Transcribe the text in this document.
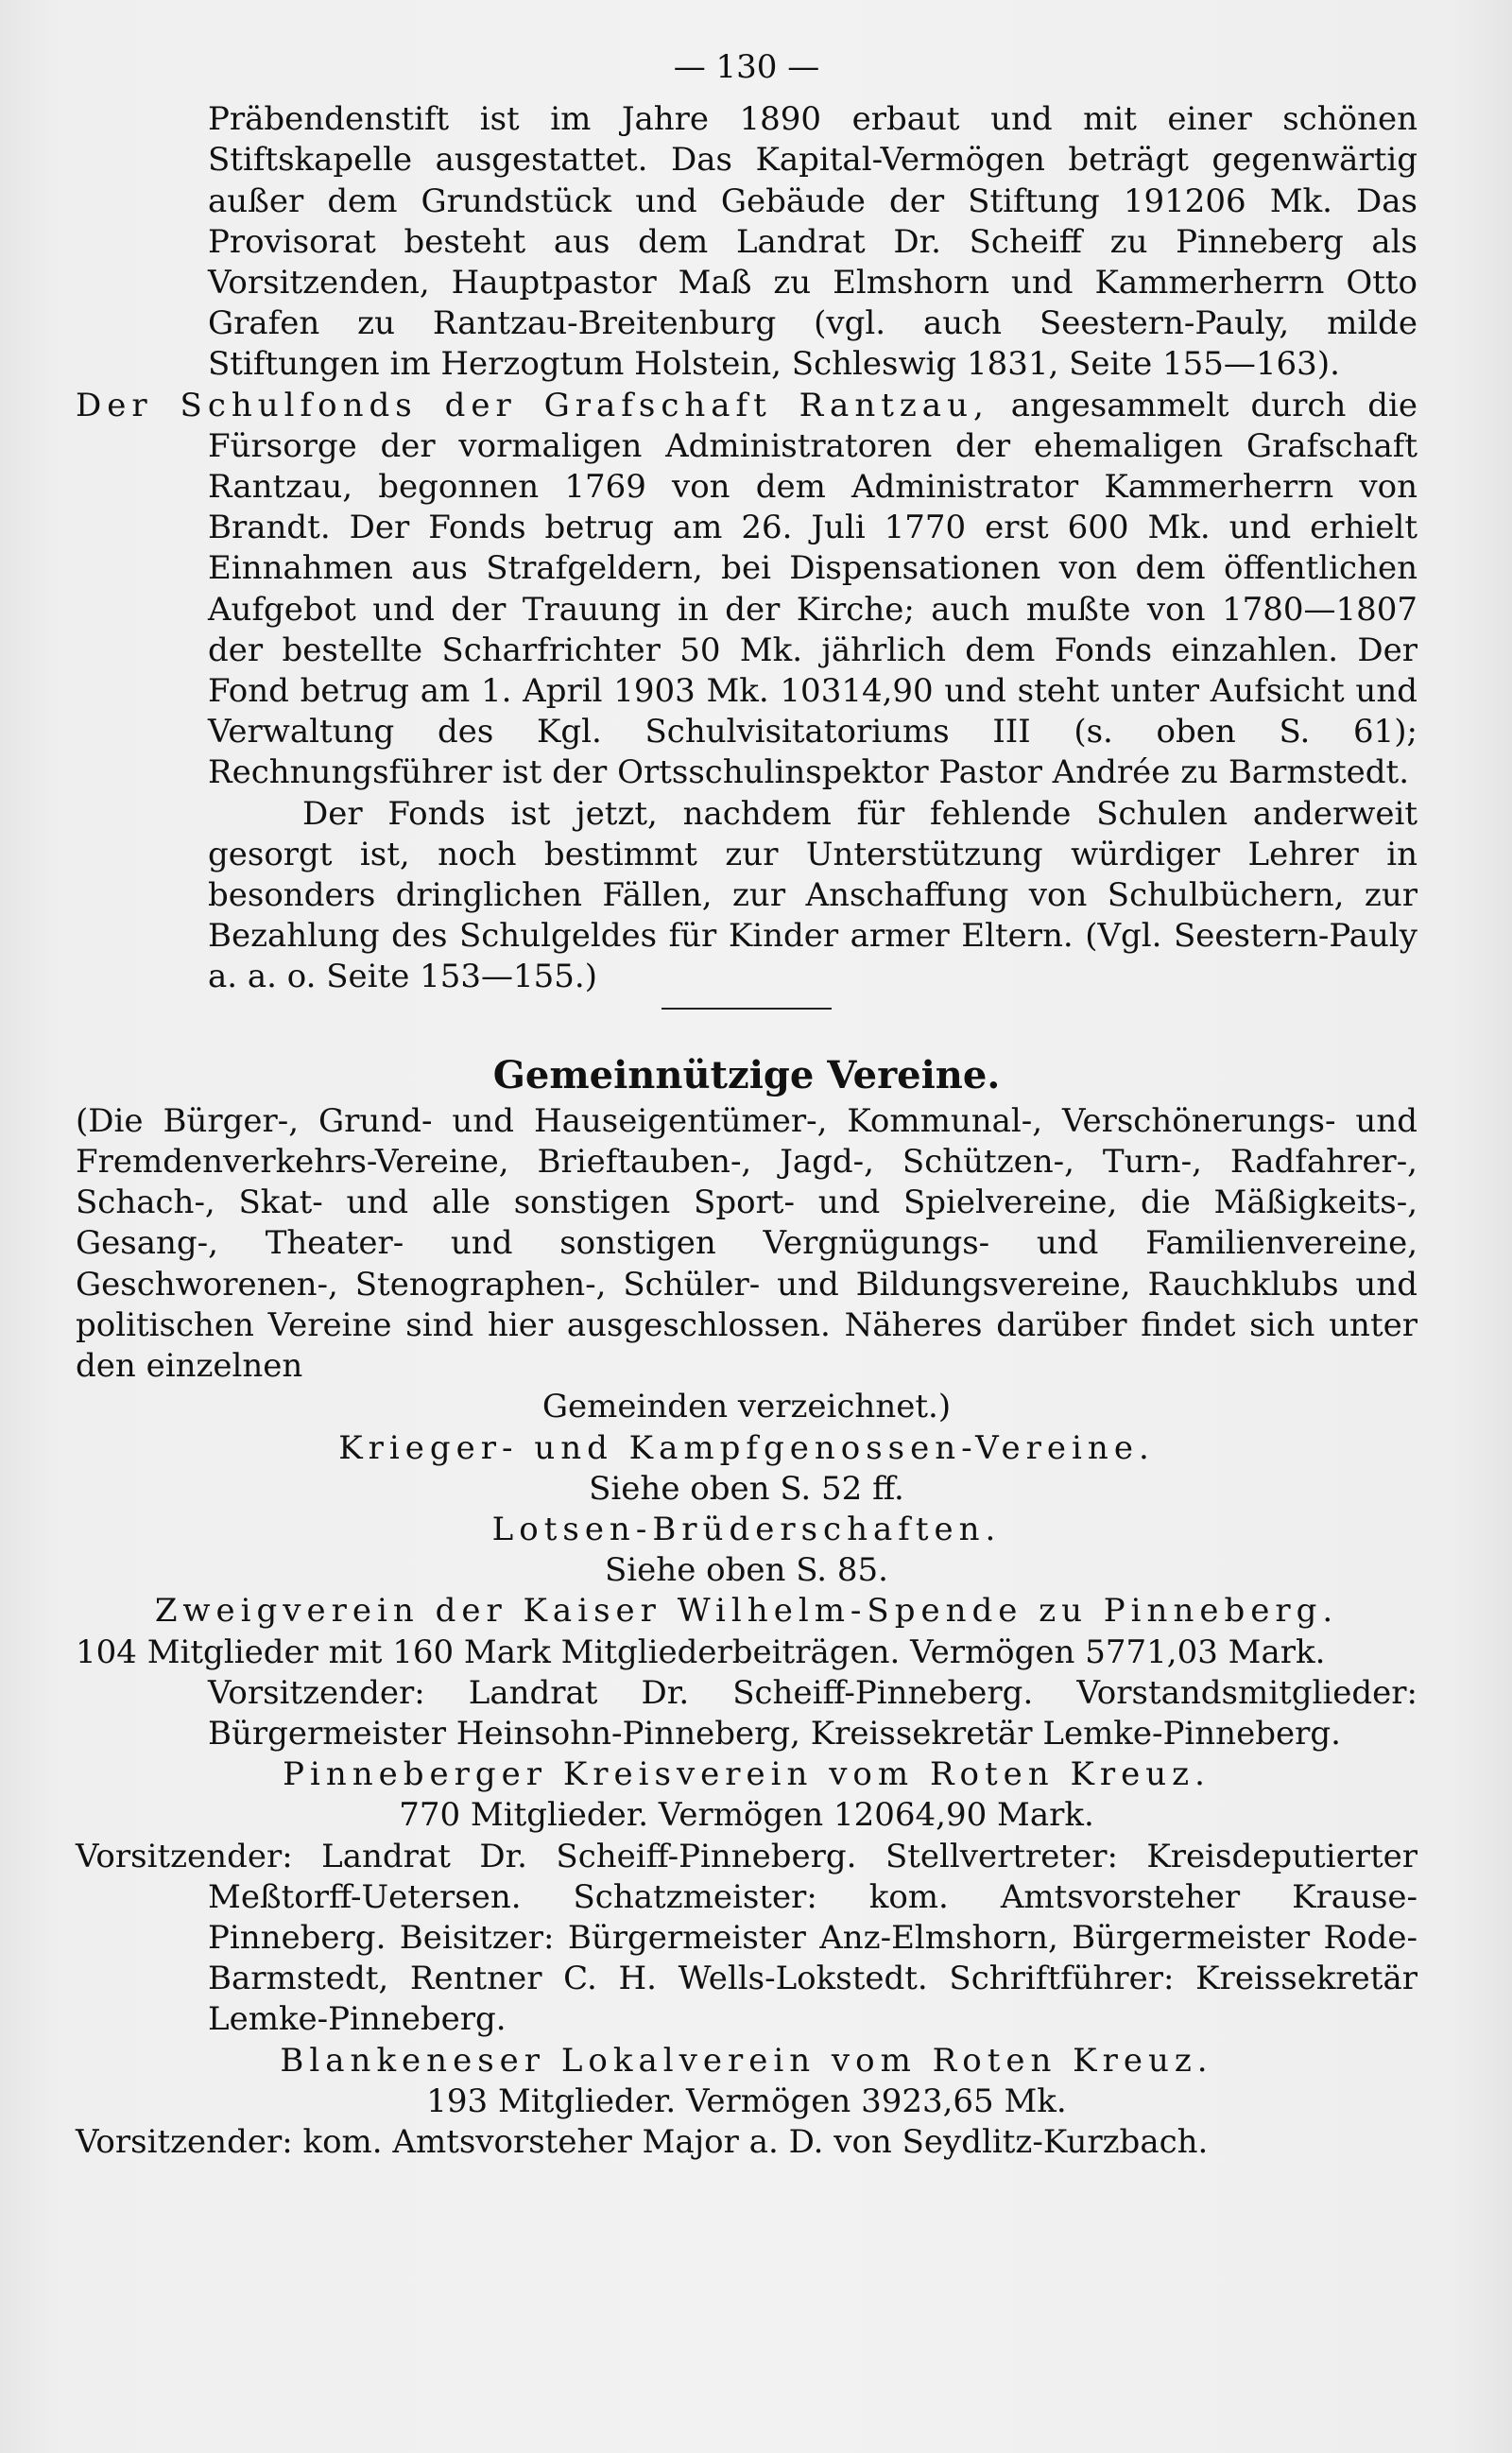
— 130 —

Präbendenstift ist im Jahre 1890 erbaut und mit einer schönen Stiftskapelle ausgestattet. Das Kapital-Vermögen beträgt gegenwärtig außer dem Grundstück und Gebäude der Stiftung 191206 Mk. Das Provisorat besteht aus dem Landrat Dr. Scheiff zu Pinneberg als Vorsitzenden, Hauptpastor Maß zu Elmshorn und Kammerherrn Otto Grafen zu Rantzau-Breitenburg (vgl. auch Seestern-Pauly, milde Stiftungen im Herzogtum Holstein, Schleswig 1831, Seite 155—163).

Der Schulfonds der Grafschaft Rantzau, angesammelt durch die Fürsorge der vormaligen Administratoren der ehemaligen Grafschaft Rantzau, begonnen 1769 von dem Administrator Kammerherrn von Brandt. Der Fonds betrug am 26. Juli 1770 erst 600 Mk. und erhielt Einnahmen aus Strafgeldern, bei Dispensationen von dem öffentlichen Aufgebot und der Trauung in der Kirche; auch mußte von 1780—1807 der bestellte Scharfrichter 50 Mk. jährlich dem Fonds einzahlen. Der Fond betrug am 1. April 1903 Mk. 10314,90 und steht unter Aufsicht und Verwaltung des Kgl. Schulvisitatoriums III (s. oben S. 61); Rechnungsführer ist der Ortsschulinspektor Pastor Andrée zu Barmstedt.

Der Fonds ist jetzt, nachdem für fehlende Schulen anderweit gesorgt ist, noch bestimmt zur Unterstützung würdiger Lehrer in besonders dringlichen Fällen, zur Anschaffung von Schulbüchern, zur Bezahlung des Schulgeldes für Kinder armer Eltern. (Vgl. Seestern-Pauly a. a. o. Seite 153—155.)

Gemeinnützige Vereine.

(Die Bürger-, Grund- und Hauseigentümer-, Kommunal-, Verschönerungs- und Fremdenverkehrs-Vereine, Brieftauben-, Jagd-, Schützen-, Turn-, Radfahrer-, Schach-, Skat- und alle sonstigen Sport- und Spielvereine, die Mäßigkeits-, Gesang-, Theater- und sonstigen Vergnügungs- und Familienvereine, Geschworenen-, Stenographen-, Schüler- und Bildungsvereine, Rauchklubs und politischen Vereine sind hier ausgeschlossen. Näheres darüber findet sich unter den einzelnen

Gemeinden verzeichnet.)

Krieger- und Kampfgenossen-Vereine.

Siehe oben S. 52 ff.

Lotsen-Brüderschaften.

Siehe oben S. 85.

Zweigverein der Kaiser Wilhelm-Spende zu Pinneberg.

104 Mitglieder mit 160 Mark Mitgliederbeiträgen. Vermögen 5771,03 Mark.

Vorsitzender: Landrat Dr. Scheiff-Pinneberg. Vorstandsmitglieder: Bürgermeister Heinsohn-Pinneberg, Kreissekretär Lemke-Pinneberg.

Pinneberger Kreisverein vom Roten Kreuz.

770 Mitglieder. Vermögen 12064,90 Mark.

Vorsitzender: Landrat Dr. Scheiff-Pinneberg. Stellvertreter: Kreisdeputierter Meßtorff-Uetersen. Schatzmeister: kom. Amtsvorsteher Krause-Pinneberg. Beisitzer: Bürgermeister Anz-Elmshorn, Bürgermeister Rode-Barmstedt, Rentner C. H. Wells-Lokstedt. Schriftführer: Kreissekretär Lemke-Pinneberg.

Blankeneser Lokalverein vom Roten Kreuz.

193 Mitglieder. Vermögen 3923,65 Mk.

Vorsitzender: kom. Amtsvorsteher Major a. D. von Seydlitz-Kurzbach.
